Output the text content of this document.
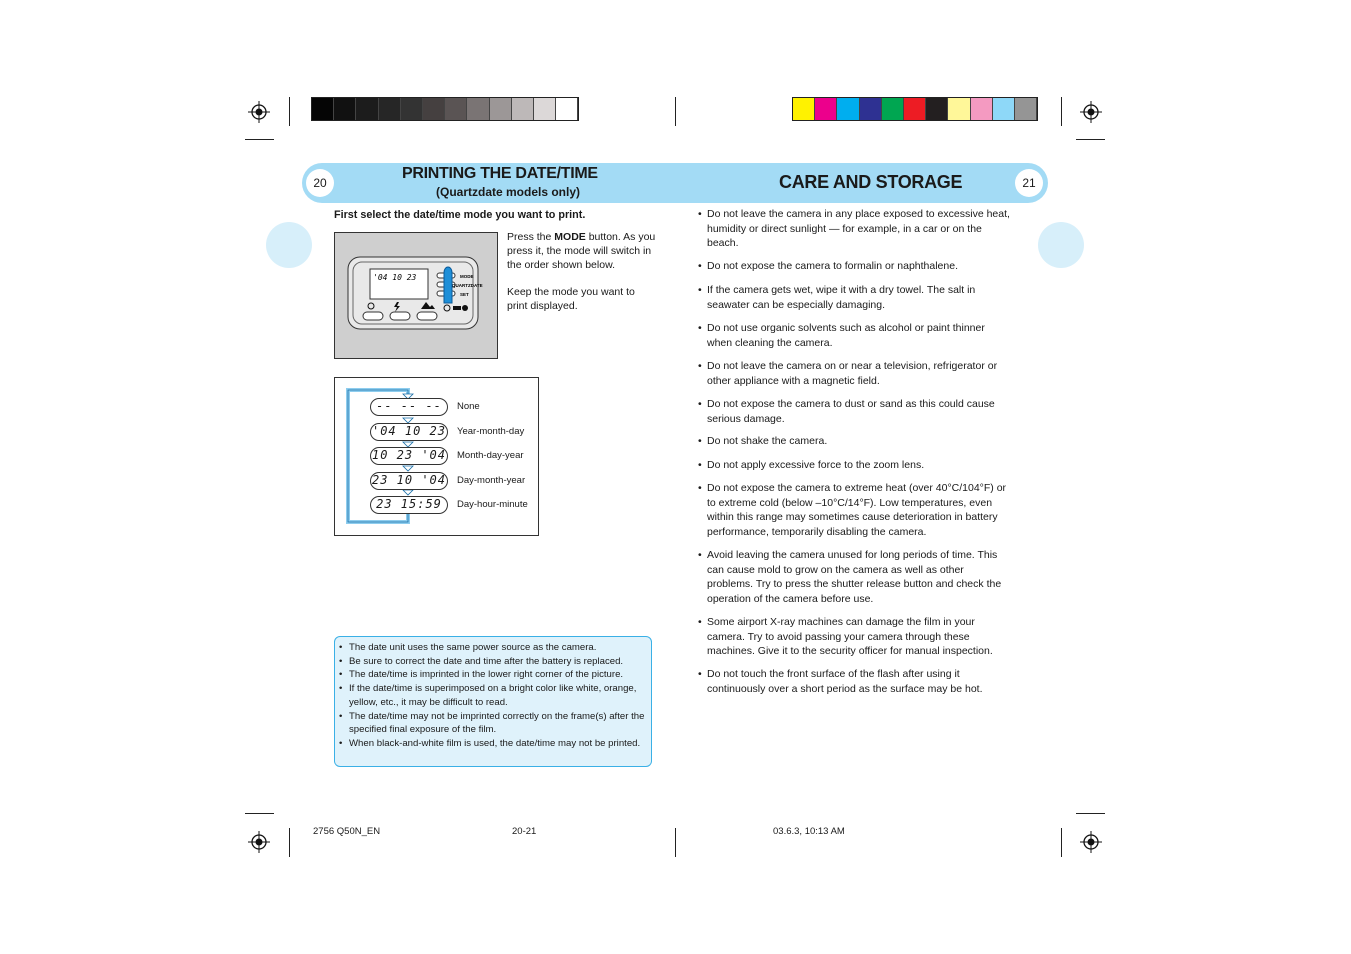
20	21
PRINTING THE DATE/TIME
(Quartzdate models only)	CARE AND STORAGE
First select the date/time mode you want to print.
'04 10 23	MODE
QUARTZDATE
SET
Press the MODE button. As you press it, the mode will switch in the order shown below.
Keep the mode you want to print displayed.
-- -- --	None
'04 10 23 Year-month-day
10 23 '04 Month-day-year
23 10 '04 Day-month-year
23 15:59	Day-hour-minute
• The date unit uses the same power source as the camera.
• Be sure to correct the date and time after the battery is replaced.
• The date/time is imprinted in the lower right corner of the picture.
• If the date/time is superimposed on a bright color like white, orange, yellow, etc., it may be difficult to read.
• The date/time may not be imprinted correctly on the frame(s) after the specified final exposure of the film.
• When black-and-white film is used, the date/time may not be printed.
• Do not leave the camera in any place exposed to excessive heat, humidity or direct sunlight — for example, in a car or on the beach.
• Do not expose the camera to formalin or naphthalene.
• If the camera gets wet, wipe it with a dry towel. The salt in seawater can be especially damaging.
• Do not use organic solvents such as alcohol or paint thinner when cleaning the camera.
• Do not leave the camera on or near a television, refrigerator or other appliance with a magnetic field.
• Do not expose the camera to dust or sand as this could cause serious damage.
• Do not shake the camera.
• Do not apply excessive force to the zoom lens.
• Do not expose the camera to extreme heat (over 40°C/104°F) or to extreme cold (below –10°C/14°F). Low temperatures, even within this range may sometimes cause deterioration in battery performance, temporarily disabling the camera.
• Avoid leaving the camera unused for long periods of time. This can cause mold to grow on the camera as well as other problems. Try to press the shutter release button and check the operation of the camera before use.
• Some airport X-ray machines can damage the film in your camera. Try to avoid passing your camera through these machines. Give it to the security officer for manual inspection.
• Do not touch the front surface of the flash after using it continuously over a short period as the surface may be hot.
2756 Q50N_EN	20-21	03.6.3, 10:13 AM
